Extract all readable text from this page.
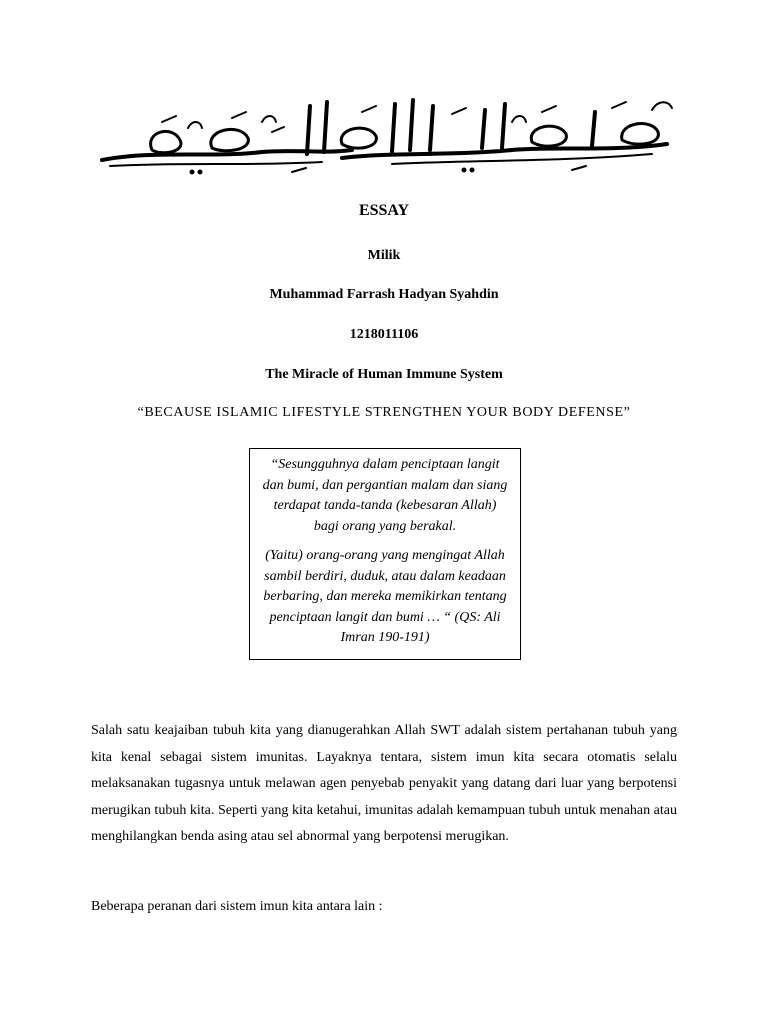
ESSAY
Milik
Muhammad Farrash Hadyan Syahdin
1218011106
The Miracle of Human Immune System
“BECAUSE ISLAMIC LIFESTYLE STRENGTHEN YOUR BODY DEFENSE”

“Sesungguhnya dalam penciptaan langit dan bumi, dan pergantian malam dan siang terdapat tanda-tanda (kebesaran Allah) bagi orang yang berakal.

(Yaitu) orang-orang yang mengingat Allah sambil berdiri, duduk, atau dalam keadaan berbaring, dan mereka memikirkan tentang penciptaan langit dan bumi … “ (QS: Ali Imran 190-191)

Salah satu keajaiban tubuh kita yang dianugerahkan Allah SWT adalah sistem pertahanan tubuh yang kita kenal sebagai sistem imunitas. Layaknya tentara, sistem imun kita secara otomatis selalu melaksanakan tugasnya untuk melawan agen penyebab penyakit yang datang dari luar yang berpotensi merugikan tubuh kita. Seperti yang kita ketahui, imunitas adalah kemampuan tubuh untuk menahan atau menghilangkan benda asing atau sel abnormal yang berpotensi merugikan.
Beberapa peranan dari sistem imun kita antara lain :
